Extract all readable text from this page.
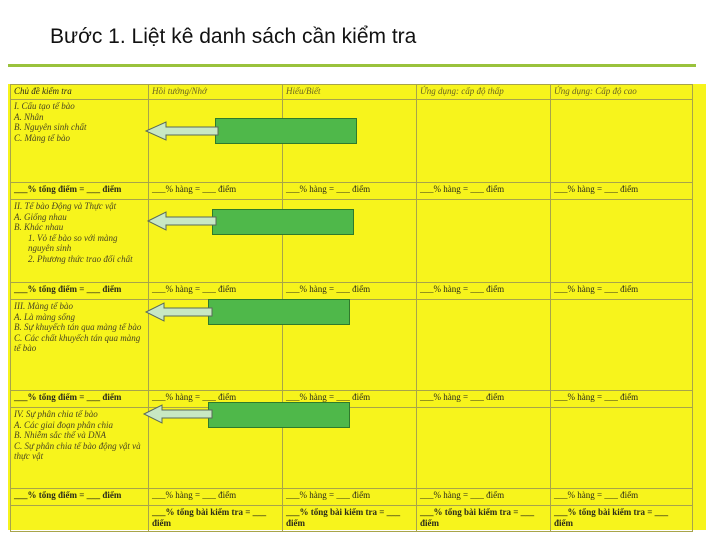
Bước 1. Liệt kê danh sách cần kiểm tra
Chủ đề kiểm tra	Hồi tưởng/Nhớ	Hiểu/Biết	Ứng dụng: cấp độ thấp	Ứng dụng: Cấp độ cao

I. Cấu tạo tế bào
A. Nhân
B. Nguyên sinh chất
C. Màng tế bào				

___% tổng điểm = ___ điểm	___% hàng = ___ điểm	___% hàng = ___ điểm	___% hàng = ___ điểm	___% hàng = ___ điểm

II. Tế bào Động và Thực vật
A. Giống nhau
B. Khác nhau
1. Vỏ tế bào so với màng nguyên sinh
2. Phương thức trao đổi chất				

___% tổng điểm = ___ điểm	___% hàng = ___ điểm	___% hàng = ___ điểm	___% hàng = ___ điểm	___% hàng = ___ điểm

III. Màng tế bào
A. Là màng sống
B. Sự khuyếch tán qua màng tế bào
C. Các chất khuyếch tán qua màng tế bào				

___% tổng điểm = ___ điểm	___% hàng = ___ điểm	___% hàng = ___ điểm	___% hàng = ___ điểm	___% hàng = ___ điểm

IV. Sự phân chia tế bào
A. Các giai đoạn phân chia
B. Nhiễm sắc thể và DNA
C. Sự phân chia tế bào động vật và thực vật				

___% tổng điểm = ___ điểm	___% hàng = ___ điểm	___% hàng = ___ điểm	___% hàng = ___ điểm	___% hàng = ___ điểm
	___% tổng bài kiểm tra = ___ điểm	___% tổng bài kiểm tra = ___ điểm	___% tổng bài kiểm tra = ___ điểm	___% tổng bài kiểm tra = ___ điểm
